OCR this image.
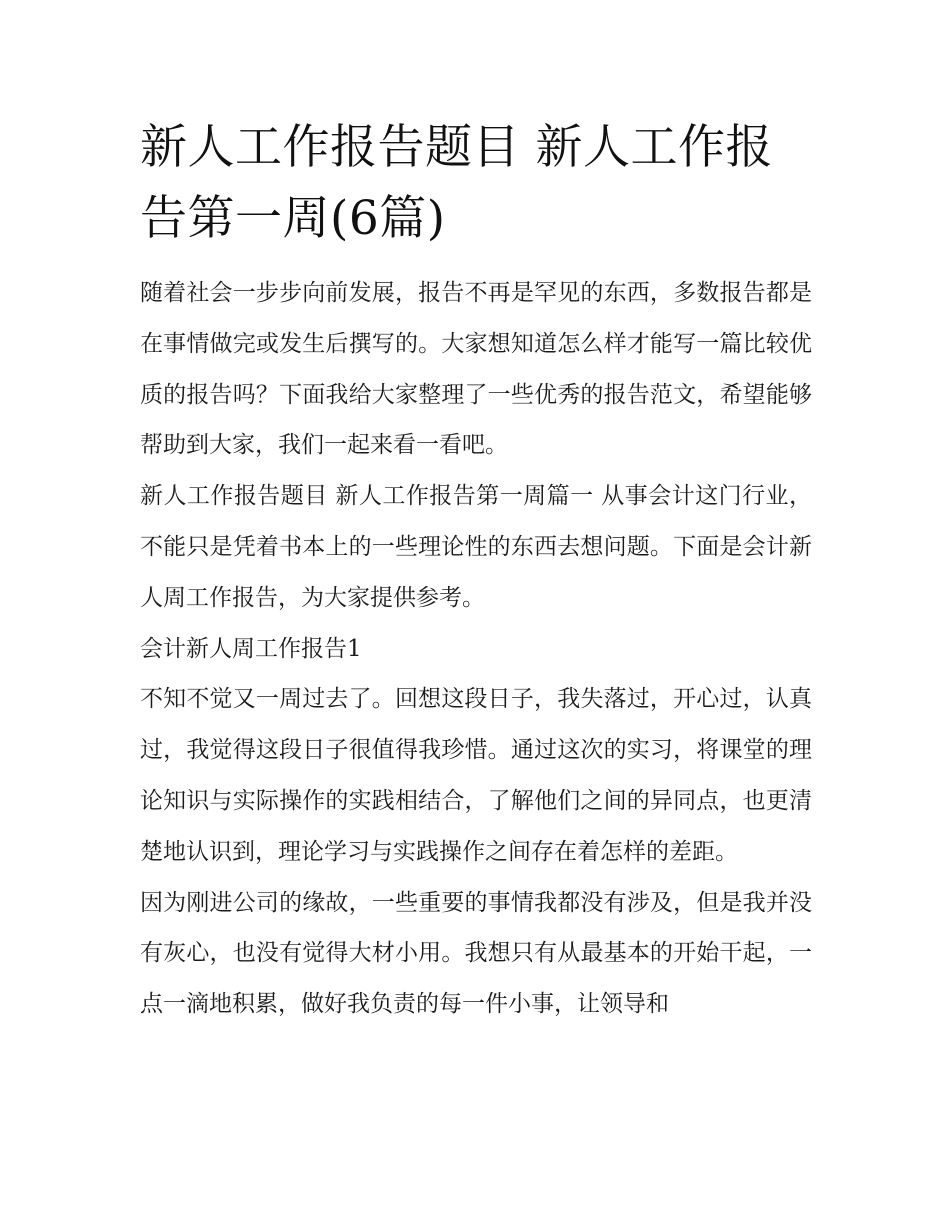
新人工作报告题目 新人工作报告第一周(6篇)

随着社会一步步向前发展，报告不再是罕见的东西，多数报告都是在事情做完或发生后撰写的。大家想知道怎么样才能写一篇比较优质的报告吗？下面我给大家整理了一些优秀的报告范文，希望能够帮助到大家，我们一起来看一看吧。

新人工作报告题目 新人工作报告第一周篇一 从事会计这门行业，不能只是凭着书本上的一些理论性的东西去想问题。下面是会计新人周工作报告，为大家提供参考。

会计新人周工作报告1

不知不觉又一周过去了。回想这段日子，我失落过，开心过，认真过，我觉得这段日子很值得我珍惜。通过这次的实习，将课堂的理论知识与实际操作的实践相结合，了解他们之间的异同点，也更清楚地认识到，理论学习与实践操作之间存在着怎样的差距。

因为刚进公司的缘故，一些重要的事情我都没有涉及，但是我并没有灰心，也没有觉得大材小用。我想只有从最基本的开始干起，一点一滴地积累，做好我负责的每一件小事，让领导和
